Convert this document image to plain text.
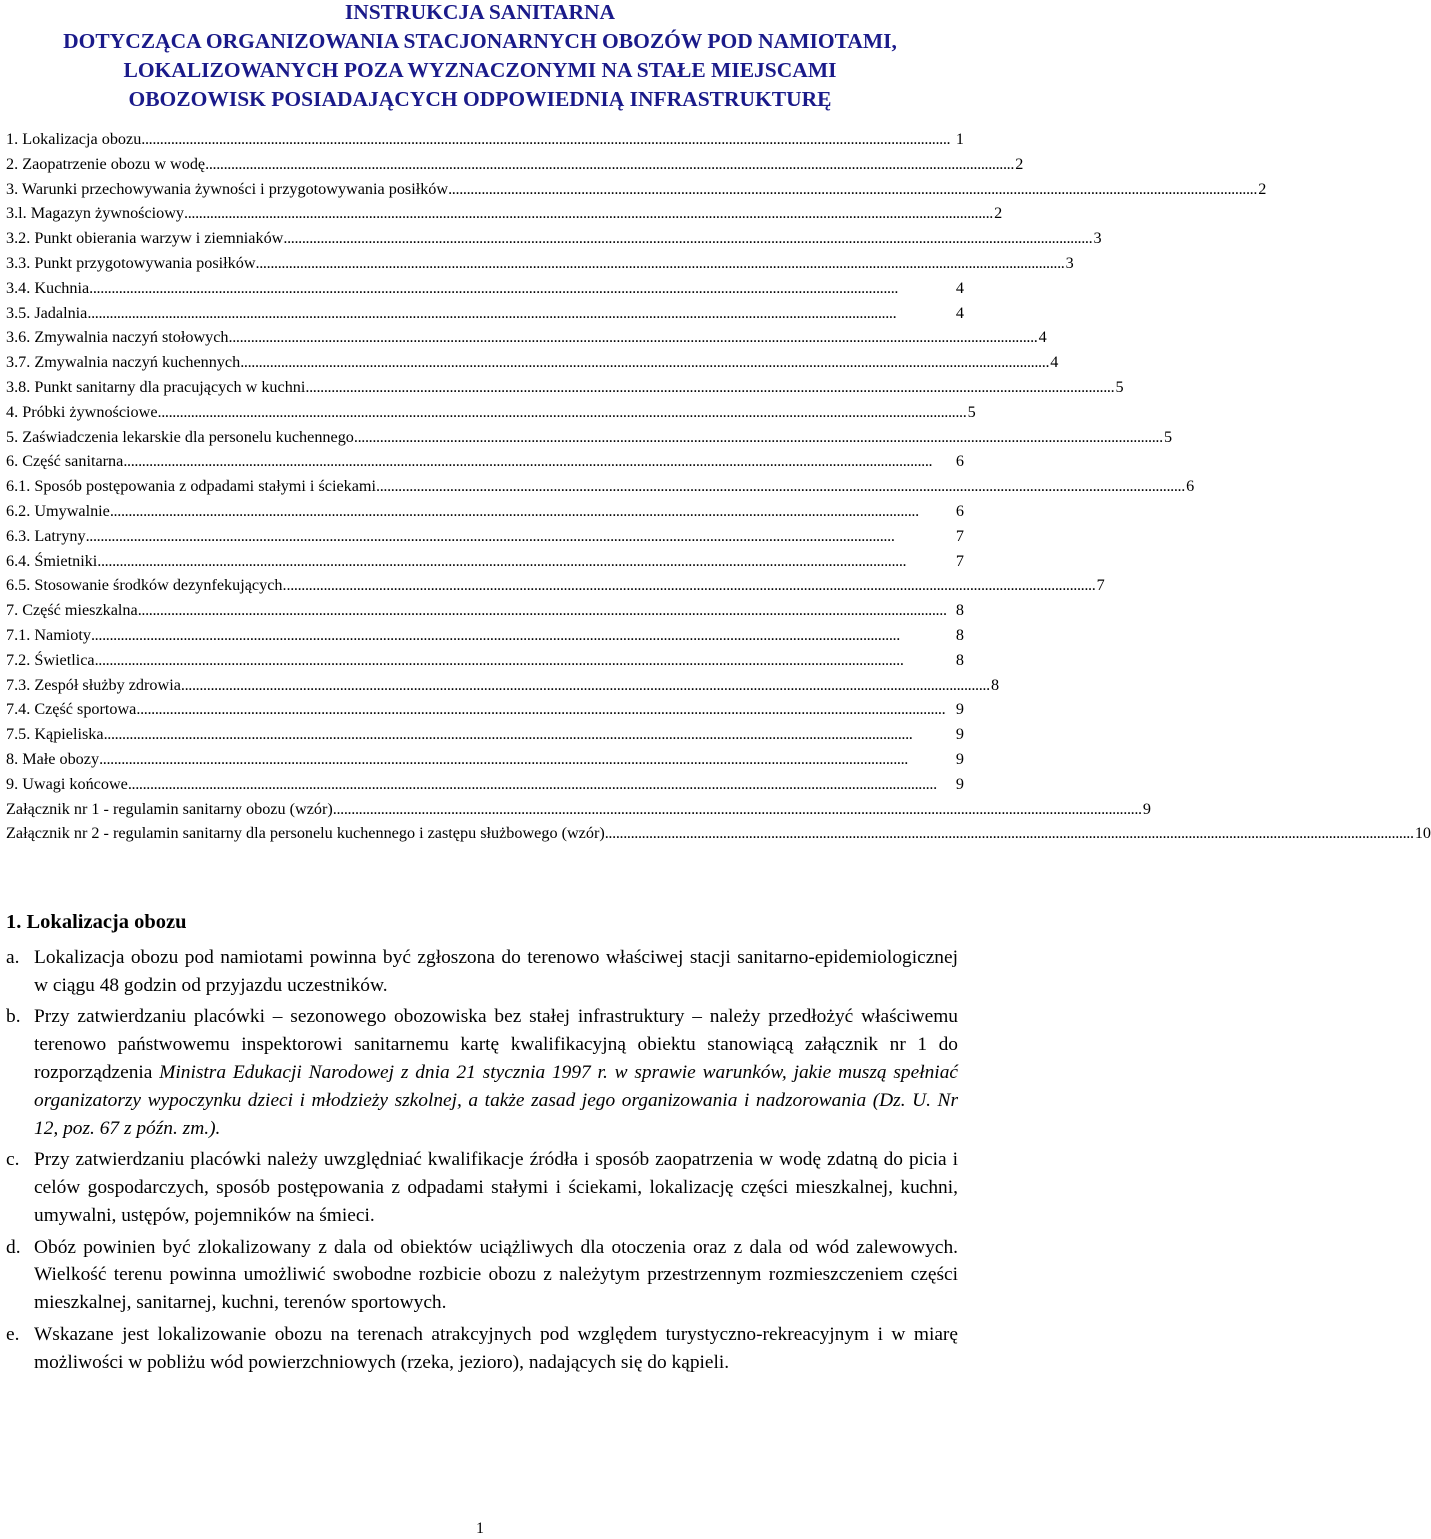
INSTRUKCJA SANITARNA
DOTYCZĄCA ORGANIZOWANIA STACJONARNYCH OBOZÓW POD NAMIOTAMI,
LOKALIZOWANYCH POZA WYZNACZONYMI NA STAŁE MIEJSCAMI
OBOZOWISK POSIADAJĄCYCH ODPOWIEDNIĄ INFRASTRUKTURĘ
1. Lokalizacja obozu . . .	1
2. Zaopatrzenie obozu w wodę . . .	2
3. Warunki przechowywania żywności i przygotowywania posiłków . . .	2
3.l. Magazyn żywnościowy . . .	2
3.2. Punkt obierania warzyw i ziemniaków . . .	3
3.3. Punkt przygotowywania posiłków . . .	3
3.4. Kuchnia . . .	4
3.5. Jadalnia . . .	4
3.6. Zmywalnia naczyń stołowych . . .	4
3.7. Zmywalnia naczyń kuchennych . . .	4
3.8. Punkt sanitarny dla pracujących w kuchni . . .	5
4. Próbki żywnościowe . . .	5
5. Zaświadczenia lekarskie dla personelu kuchennego . . .	5
6. Część sanitarna . . .	6
6.1. Sposób postępowania z odpadami stałymi i ściekami . . .	6
6.2. Umywalnie . . .	6
6.3. Latryny . . .	7
6.4. Śmietniki . . .	7
6.5. Stosowanie środków dezynfekujących. . . .	7
7. Część mieszkalna . . .	8
7.1. Namioty . . .	8
7.2. Świetlica . . .	8
7.3. Zespół służby zdrowia . . .	8
7.4. Część sportowa . . .	9
7.5. Kąpieliska . . .	9
8. Małe obozy . . .	9
9. Uwagi końcowe . . .	9
Załącznik nr 1 - regulamin sanitarny obozu (wzór) . . .	9
Załącznik nr 2 - regulamin sanitarny dla personelu kuchennego i zastępu służbowego (wzór) . . .	10
1. Lokalizacja obozu
a. Lokalizacja obozu pod namiotami powinna być zgłoszona do terenowo właściwej stacji sanitarno-epidemiologicznej w ciągu 48 godzin od przyjazdu uczestników.
b. Przy zatwierdzaniu placówki – sezonowego obozowiska bez stałej infrastruktury – należy przedłożyć właściwemu terenowo państwowemu inspektorowi sanitarnemu kartę kwalifikacyjną obiektu stanowiącą załącznik nr 1 do rozporządzenia Ministra Edukacji Narodowej z dnia 21 stycznia 1997 r. w sprawie warunków, jakie muszą spełniać organizatorzy wypoczynku dzieci i młodzieży szkolnej, a także zasad jego organizowania i nadzorowania (Dz. U. Nr 12, poz. 67 z późn. zm.).
c. Przy zatwierdzaniu placówki należy uwzględniać kwalifikacje źródła i sposób zaopatrzenia w wodę zdatną do picia i celów gospodarczych, sposób postępowania z odpadami stałymi i ściekami, lokalizację części mieszkalnej, kuchni, umywalni, ustępów, pojemników na śmieci.
d. Obóz powinien być zlokalizowany z dala od obiektów uciążliwych dla otoczenia oraz z dala od wód zalewowych. Wielkość terenu powinna umożliwić swobodne rozbicie obozu z należytym przestrzennym rozmieszczeniem części mieszkalnej, sanitarnej, kuchni, terenów sportowych.
e. Wskazane jest lokalizowanie obozu na terenach atrakcyjnych pod względem turystyczno-rekreacyjnym i w miarę możliwości w pobliżu wód powierzchniowych (rzeka, jezioro), nadających się do kąpieli.
1
